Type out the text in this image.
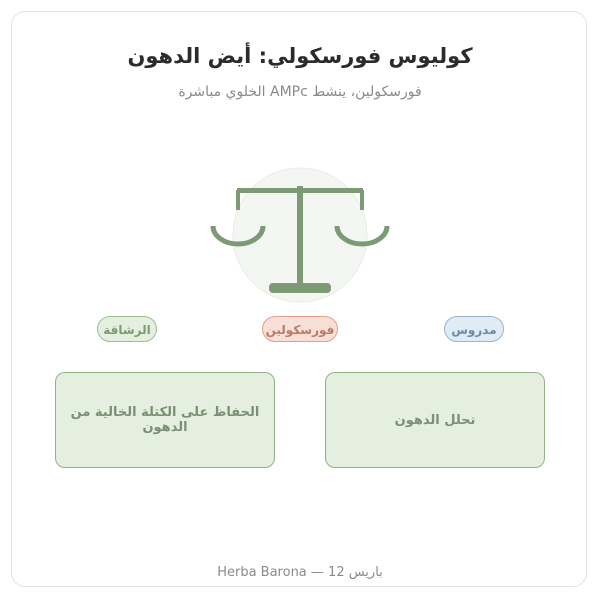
كوليوس فورسكولي: أيض الدهون
فورسكولين، ينشط AMPc الخلوي مباشرة
الرشاقة	فورسكولين	مدروس
الحفاظ على الكتلة الخالية من الدهون	تحلل الدهون
باريس 12 — Herba Barona
